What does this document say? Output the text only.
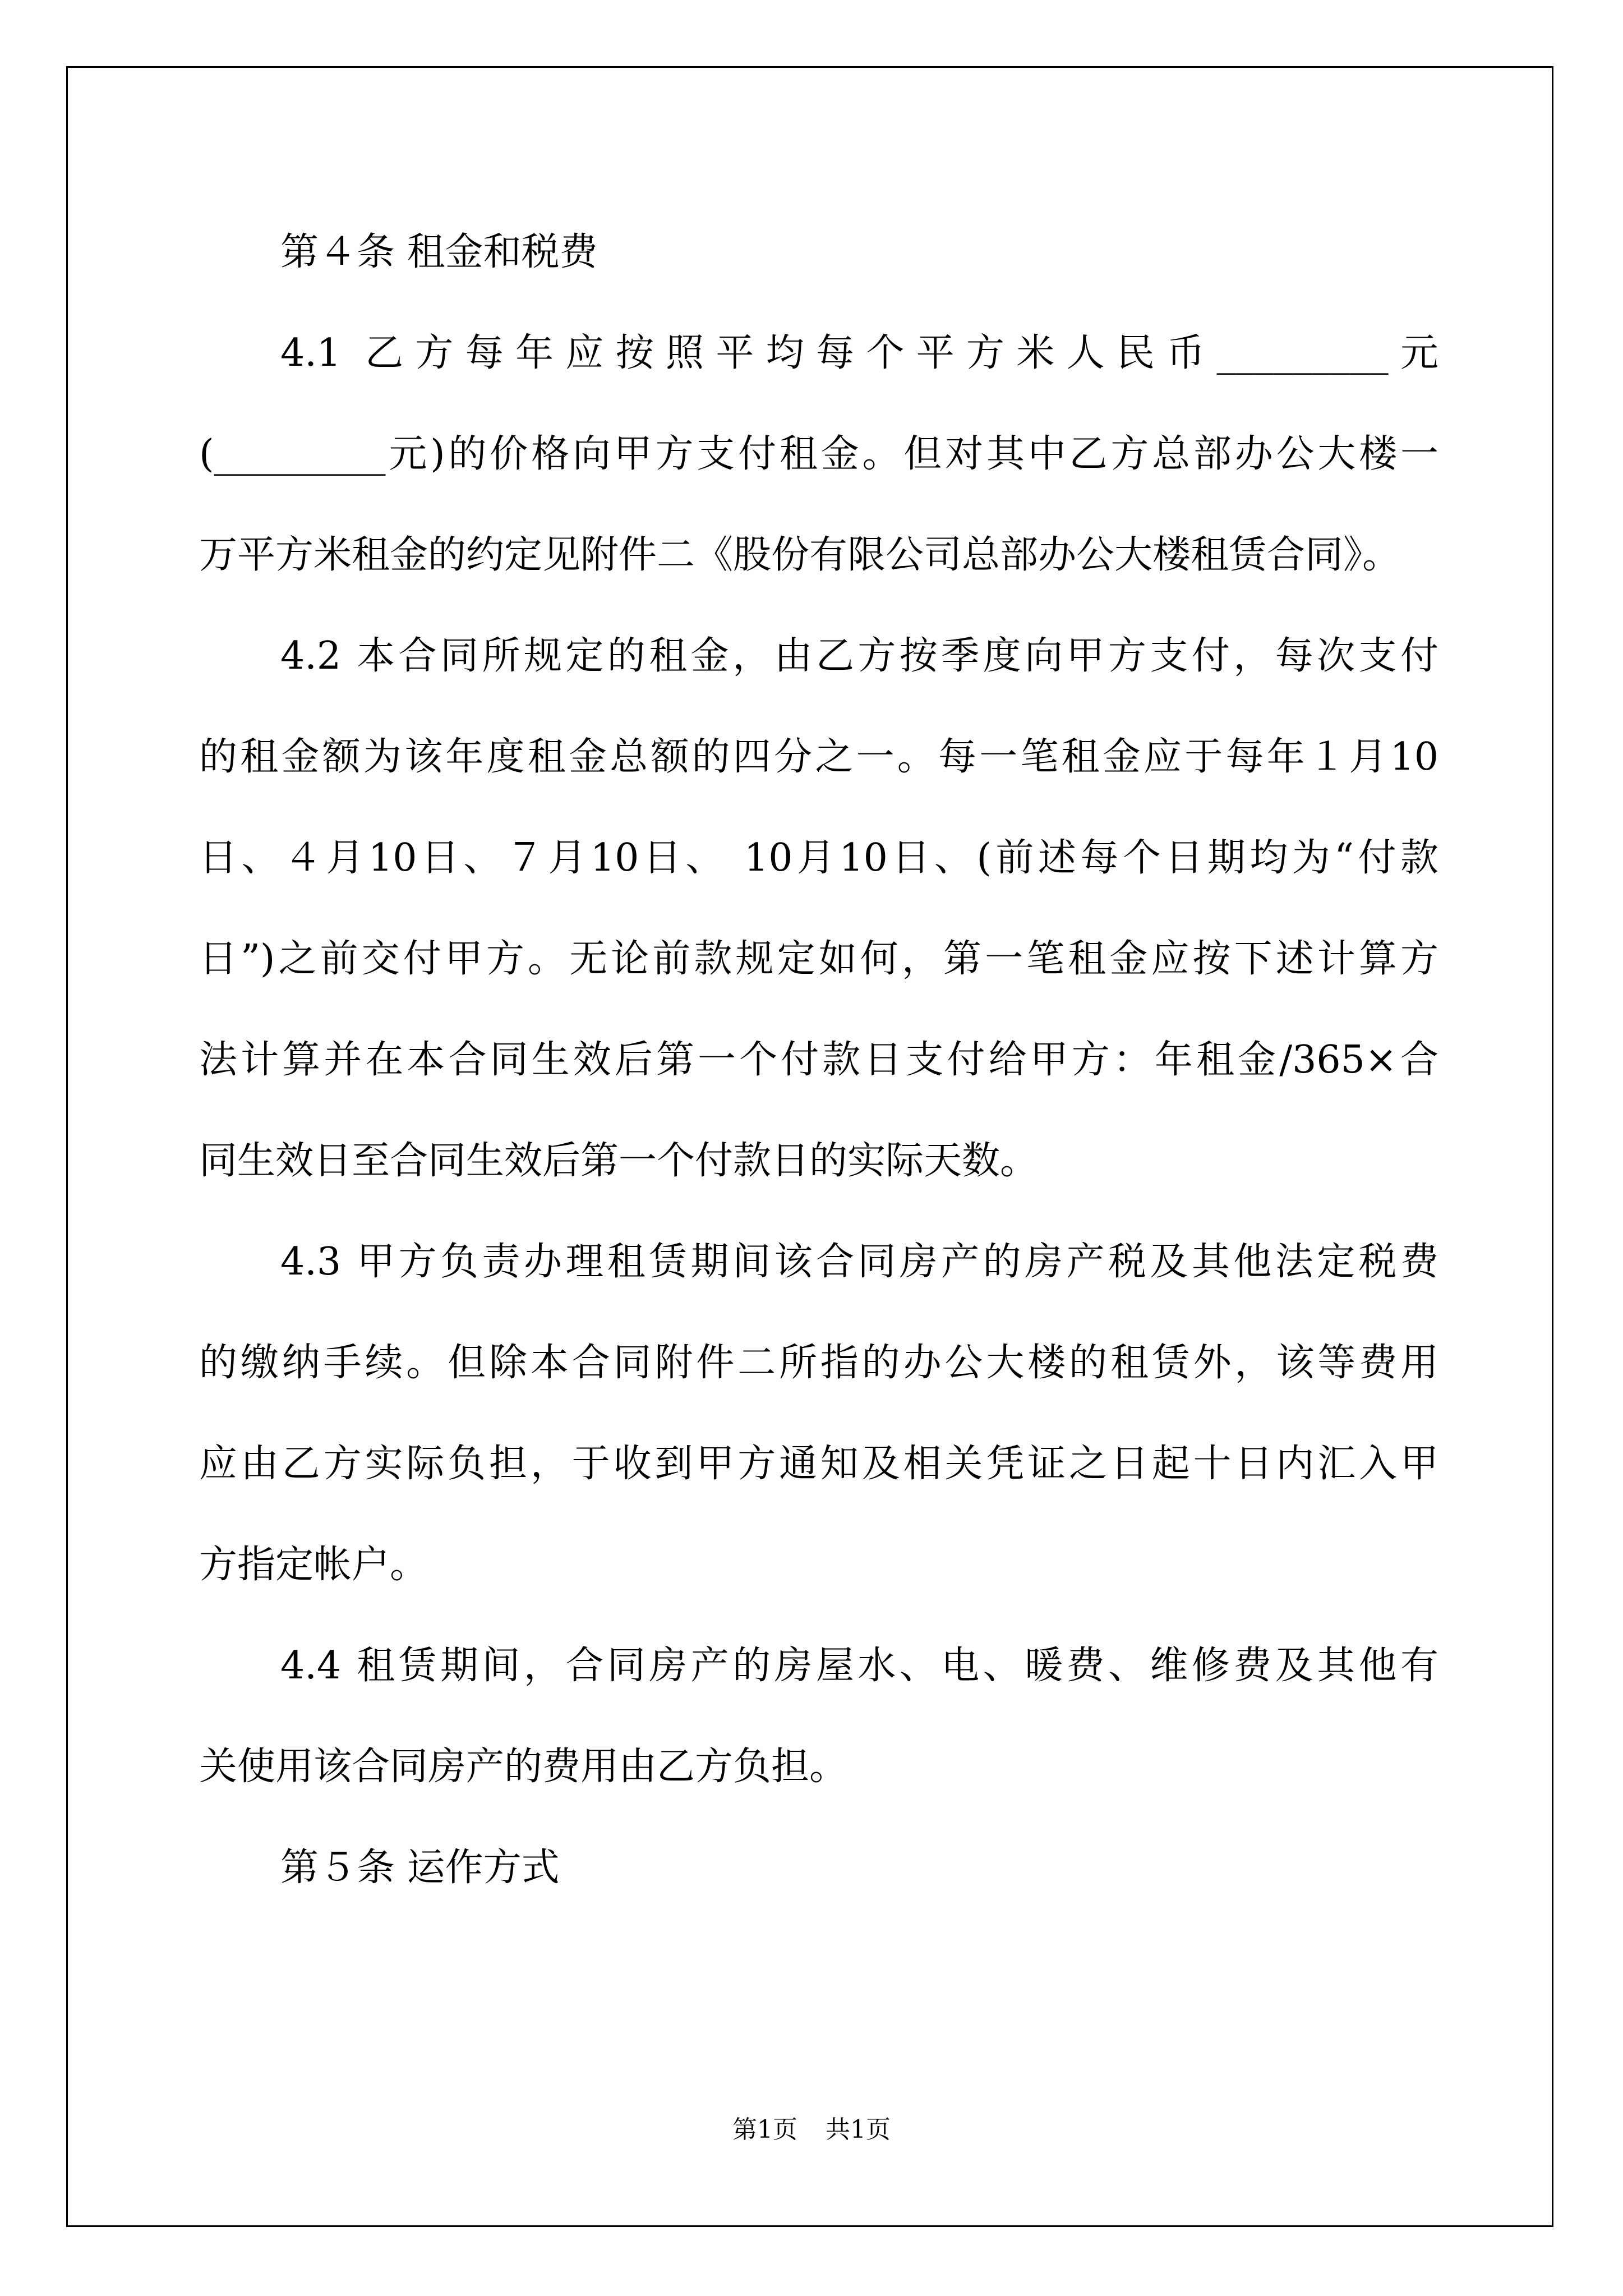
第４条 租金和税费
4.1 乙方每年应按照平均每个平方米人民币_________元
(_________元)的价格向甲方支付租金。但对其中乙方总部办公大楼一
万平方米租金的约定见附件二《股份有限公司总部办公大楼租赁合同》。
4.2 本合同所规定的租金，由乙方按季度向甲方支付，每次支付
的租金额为该年度租金总额的四分之一。每一笔租金应于每年１月10
日、４月10日、７月10日、 10月10日、(前述每个日期均为“付款
日”)之前交付甲方。无论前款规定如何，第一笔租金应按下述计算方
法计算并在本合同生效后第一个付款日支付给甲方：年租金/365×合
同生效日至合同生效后第一个付款日的实际天数。
4.3 甲方负责办理租赁期间该合同房产的房产税及其他法定税费
的缴纳手续。但除本合同附件二所指的办公大楼的租赁外，该等费用
应由乙方实际负担，于收到甲方通知及相关凭证之日起十日内汇入甲
方指定帐户。
4.4 租赁期间，合同房产的房屋水、电、暖费、维修费及其他有
关使用该合同房产的费用由乙方负担。
第５条 运作方式
第1页 共1页
